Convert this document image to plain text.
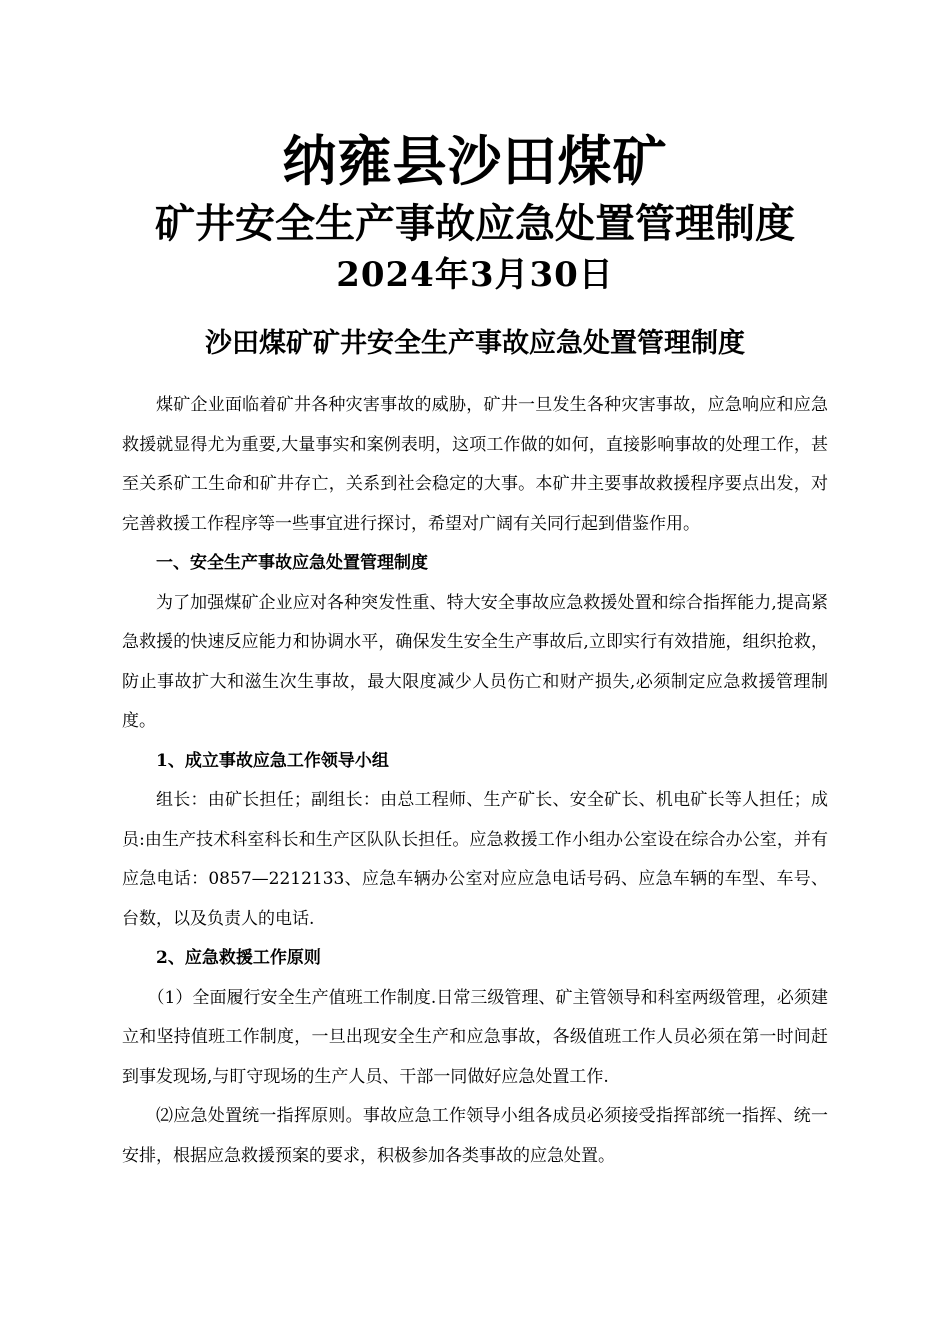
纳雍县沙田煤矿
矿井安全生产事故应急处置管理制度
2024年3月30日
沙田煤矿矿井安全生产事故应急处置管理制度

煤矿企业面临着矿井各种灾害事故的威胁，矿井一旦发生各种灾害事故，应急响应和应急救援就显得尤为重要,大量事实和案例表明，这项工作做的如何，直接影响事故的处理工作，甚至关系矿工生命和矿井存亡，关系到社会稳定的大事。本矿井主要事故救援程序要点出发，对完善救援工作程序等一些事宜进行探讨，希望对广阔有关同行起到借鉴作用。

一、安全生产事故应急处置管理制度

为了加强煤矿企业应对各种突发性重、特大安全事故应急救援处置和综合指挥能力,提高紧急救援的快速反应能力和协调水平，确保发生安全生产事故后,立即实行有效措施，组织抢救，防止事故扩大和滋生次生事故，最大限度减少人员伤亡和财产损失,必须制定应急救援管理制度。

1、成立事故应急工作领导小组

组长：由矿长担任；副组长：由总工程师、生产矿长、安全矿长、机电矿长等人担任；成员:由生产技术科室科长和生产区队队长担任。应急救援工作小组办公室设在综合办公室，并有应急电话：0857—2212133、应急车辆办公室对应应急电话号码、应急车辆的车型、车号、台数，以及负责人的电话.

2、应急救援工作原则

（1）全面履行安全生产值班工作制度.日常三级管理、矿主管领导和科室两级管理，必须建立和坚持值班工作制度，一旦出现安全生产和应急事故，各级值班工作人员必须在第一时间赶到事发现场,与盯守现场的生产人员、干部一同做好应急处置工作.

⑵应急处置统一指挥原则。事故应急工作领导小组各成员必须接受指挥部统一指挥、统一安排，根据应急救援预案的要求，积极参加各类事故的应急处置。
